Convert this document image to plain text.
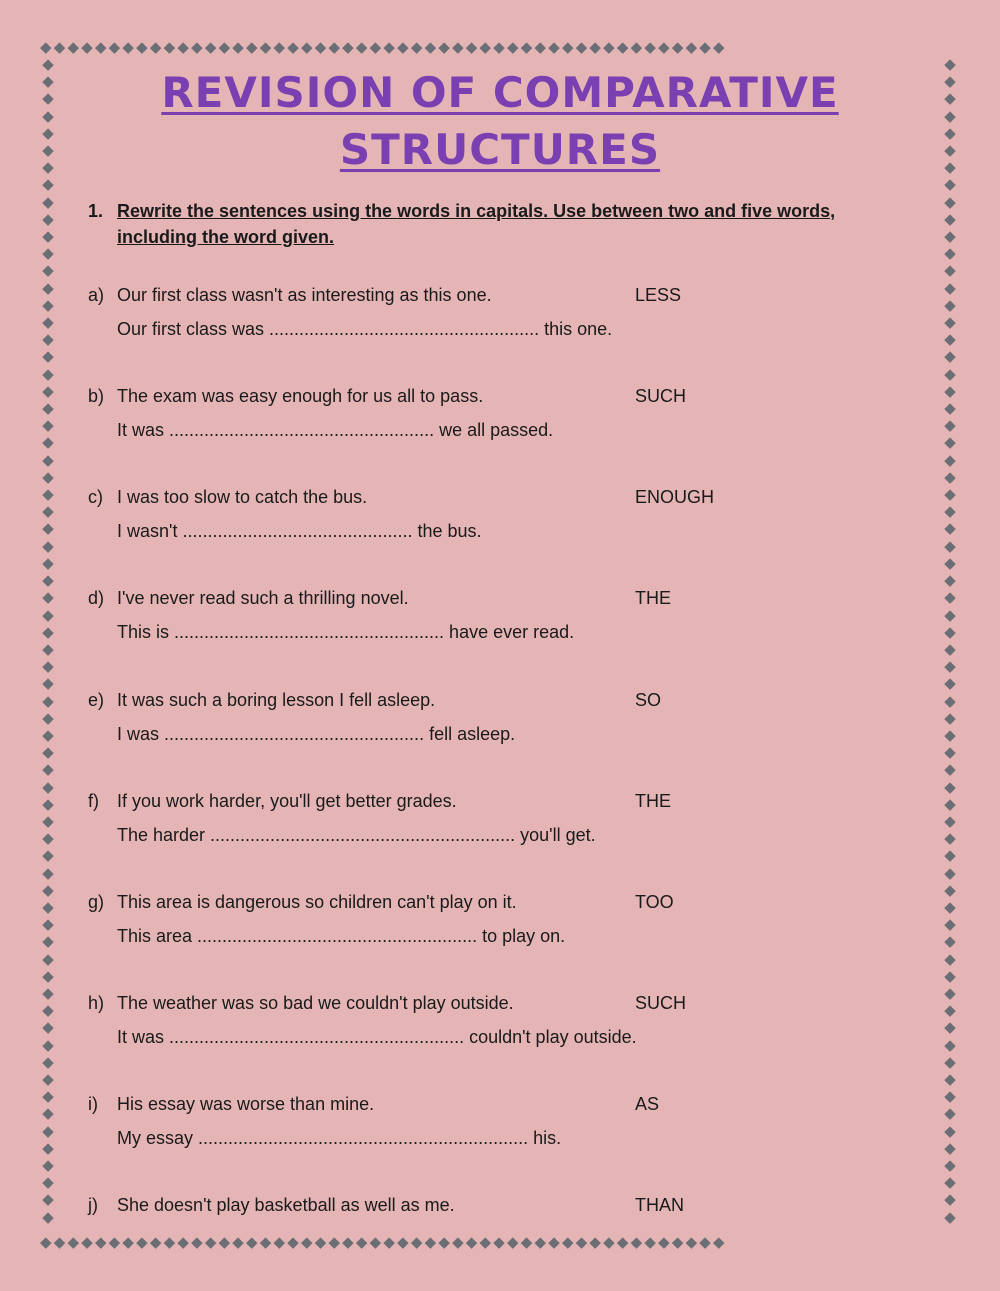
◆◆◆◆◆◆◆◆◆◆◆◆◆◆◆◆◆◆◆◆◆◆◆◆◆◆◆◆◆◆◆◆◆◆◆◆◆◆◆◆◆◆◆◆◆◆◆◆◆◆
◆◆◆◆◆◆◆◆◆◆◆◆◆◆◆◆◆◆◆◆◆◆◆◆◆◆◆◆◆◆◆◆◆◆◆◆◆◆◆◆◆◆◆◆◆◆◆◆◆◆
◆◆◆◆◆◆◆◆◆◆◆◆◆◆◆◆◆◆◆◆◆◆◆◆◆◆◆◆◆◆◆◆◆◆◆◆◆◆◆◆◆◆◆◆◆◆◆◆◆◆◆◆◆◆◆◆◆◆◆◆◆◆◆◆◆◆◆◆
◆◆◆◆◆◆◆◆◆◆◆◆◆◆◆◆◆◆◆◆◆◆◆◆◆◆◆◆◆◆◆◆◆◆◆◆◆◆◆◆◆◆◆◆◆◆◆◆◆◆◆◆◆◆◆◆◆◆◆◆◆◆◆◆◆◆◆◆
REVISION OF COMPARATIVE STRUCTURES
1. Rewrite the sentences using the words in capitals. Use between two and five words, including the word given.
a) Our first class wasn't as interesting as this one.	LESS
Our first class was ...................................................... this one.
b) The exam was easy enough for us all to pass.	SUCH
It was ..................................................... we all passed.
c) I was too slow to catch the bus.	ENOUGH
I wasn't .............................................. the bus.
d) I've never read such a thrilling novel.	THE
This is ...................................................... have ever read.
e) It was such a boring lesson I fell asleep.	SO
I was .................................................... fell asleep.
f) If you work harder, you'll get better grades.	THE
The harder ............................................................. you'll get.
g) This area is dangerous so children can't play on it.	TOO
This area ........................................................ to play on.
h) The weather was so bad we couldn't play outside.	SUCH
It was ........................................................... couldn't play outside.
i) His essay was worse than mine.	AS
My essay .................................................................. his.
j) She doesn't play basketball as well as me.	THAN
